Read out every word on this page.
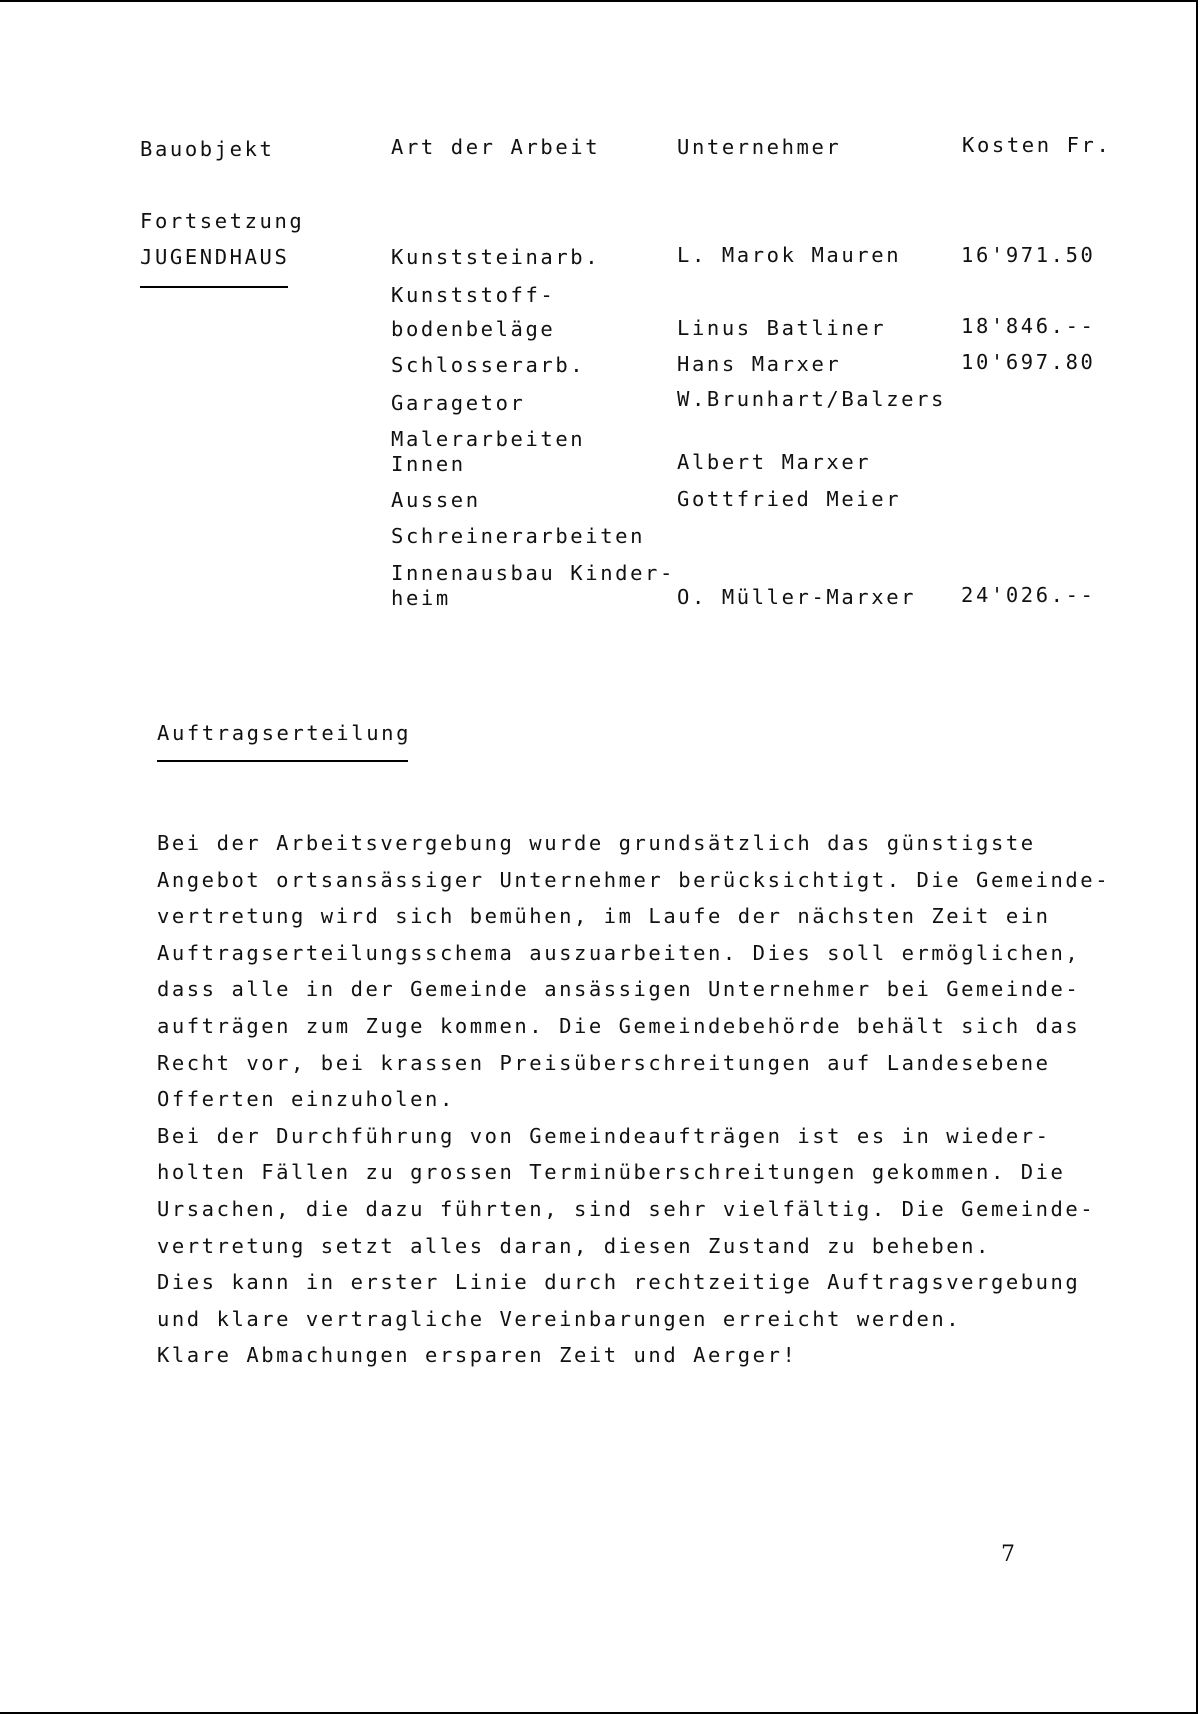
Bauobjekt	Art der Arbeit	Unternehmer	Kosten Fr.
Fortsetzung
JUGENDHAUS	Kunststeinarb.	L. Marok Mauren	16'971.50
Kunststoff-
bodenbeläge	Linus Batliner	18'846.--
Schlosserarb.	Hans Marxer	10'697.80
Garagetor	W.Brunhart/Balzers
Malerarbeiten
Innen	Albert Marxer
Aussen	Gottfried Meier
Schreinerarbeiten
Innenausbau Kinder-
heim	O. Müller-Marxer 24'026.--
Auftragserteilung

Bei der Arbeitsvergebung wurde grundsätzlich das günstigste

Angebot ortsansässiger Unternehmer berücksichtigt. Die Gemeinde-

vertretung wird sich bemühen, im Laufe der nächsten Zeit ein

Auftragserteilungsschema auszuarbeiten. Dies soll ermöglichen,

dass alle in der Gemeinde ansässigen Unternehmer bei Gemeinde-

aufträgen zum Zuge kommen. Die Gemeindebehörde behält sich das

Recht vor, bei krassen Preisüberschreitungen auf Landesebene

Offerten einzuholen.

Bei der Durchführung von Gemeindeaufträgen ist es in wieder-

holten Fällen zu grossen Terminüberschreitungen gekommen. Die

Ursachen, die dazu führten, sind sehr vielfältig. Die Gemeinde-

vertretung setzt alles daran, diesen Zustand zu beheben.

Dies kann in erster Linie durch rechtzeitige Auftragsvergebung

und klare vertragliche Vereinbarungen erreicht werden.

Klare Abmachungen ersparen Zeit und Aerger!

7
